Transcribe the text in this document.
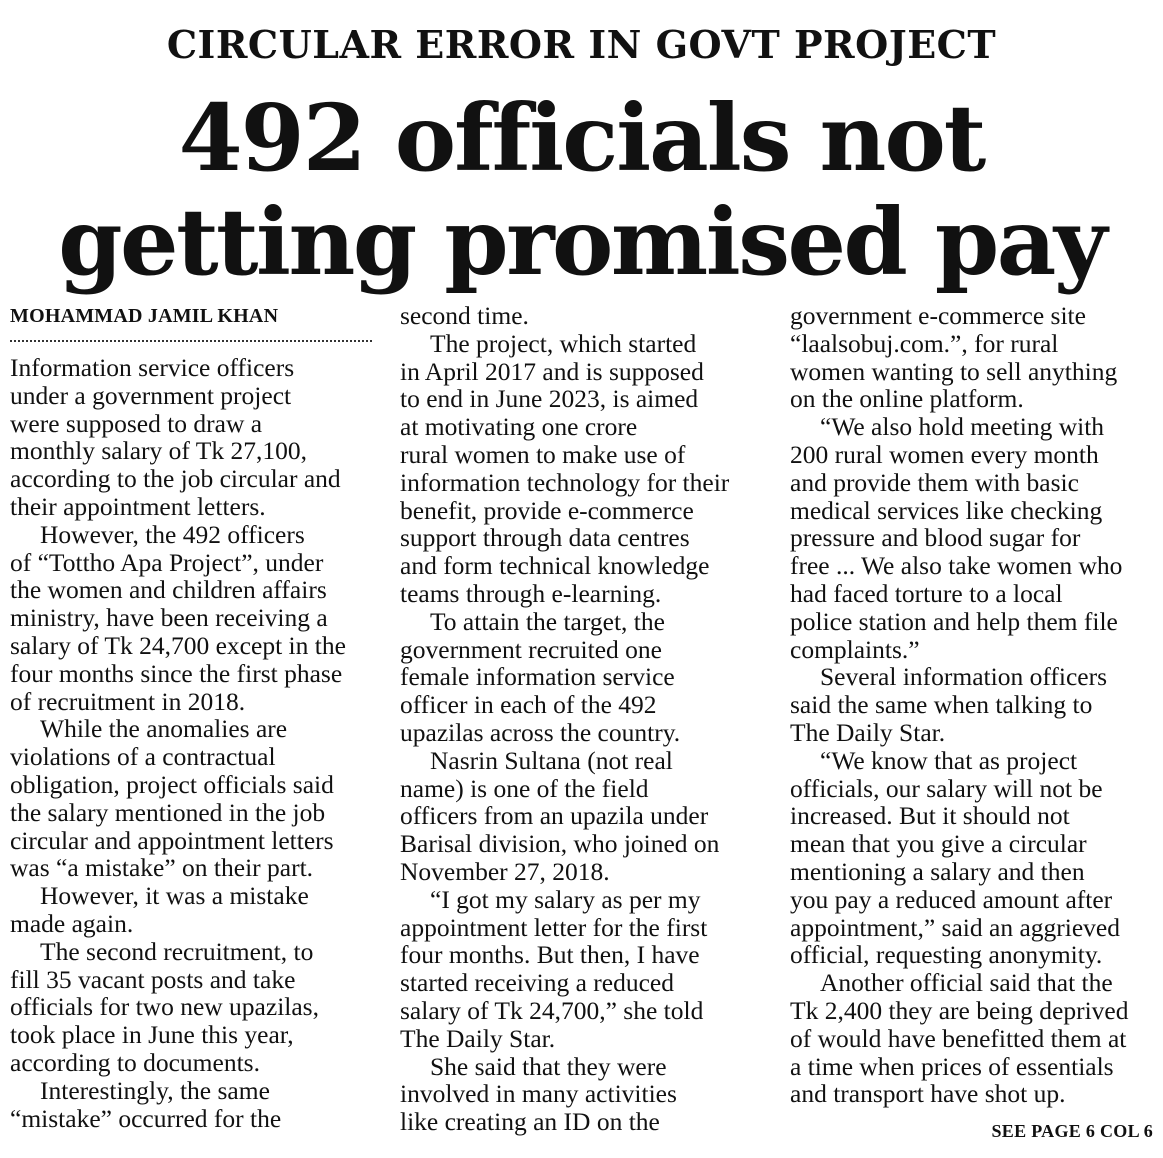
CIRCULAR ERROR IN GOVT PROJECT
492 officials not
getting promised pay
MOHAMMAD JAMIL KHAN
Information service officers
under a government project
were supposed to draw a
monthly salary of Tk 27,100,
according to the job circular and
their appointment letters.
However, the 492 officers
of “Tottho Apa Project”, under
the women and children affairs
ministry, have been receiving a
salary of Tk 24,700 except in the
four months since the first phase
of recruitment in 2018.
While the anomalies are
violations of a contractual
obligation, project officials said
the salary mentioned in the job
circular and appointment letters
was “a mistake” on their part.
However, it was a mistake
made again.
The second recruitment, to
fill 35 vacant posts and take
officials for two new upazilas,
took place in June this year,
according to documents.
Interestingly, the same
“mistake” occurred for the
second time.
The project, which started
in April 2017 and is supposed
to end in June 2023, is aimed
at motivating one crore
rural women to make use of
information technology for their
benefit, provide e-commerce
support through data centres
and form technical knowledge
teams through e-learning.
To attain the target, the
government recruited one
female information service
officer in each of the 492
upazilas across the country.
Nasrin Sultana (not real
name) is one of the field
officers from an upazila under
Barisal division, who joined on
November 27, 2018.
“I got my salary as per my
appointment letter for the first
four months. But then, I have
started receiving a reduced
salary of Tk 24,700,” she told
The Daily Star.
She said that they were
involved in many activities
like creating an ID on the
government e-commerce site
“laalsobuj.com.”, for rural
women wanting to sell anything
on the online platform.
“We also hold meeting with
200 rural women every month
and provide them with basic
medical services like checking
pressure and blood sugar for
free ... We also take women who
had faced torture to a local
police station and help them file
complaints.”
Several information officers
said the same when talking to
The Daily Star.
“We know that as project
officials, our salary will not be
increased. But it should not
mean that you give a circular
mentioning a salary and then
you pay a reduced amount after
appointment,” said an aggrieved
official, requesting anonymity.
Another official said that the
Tk 2,400 they are being deprived
of would have benefitted them at
a time when prices of essentials
and transport have shot up.
SEE PAGE 6 COL 6
